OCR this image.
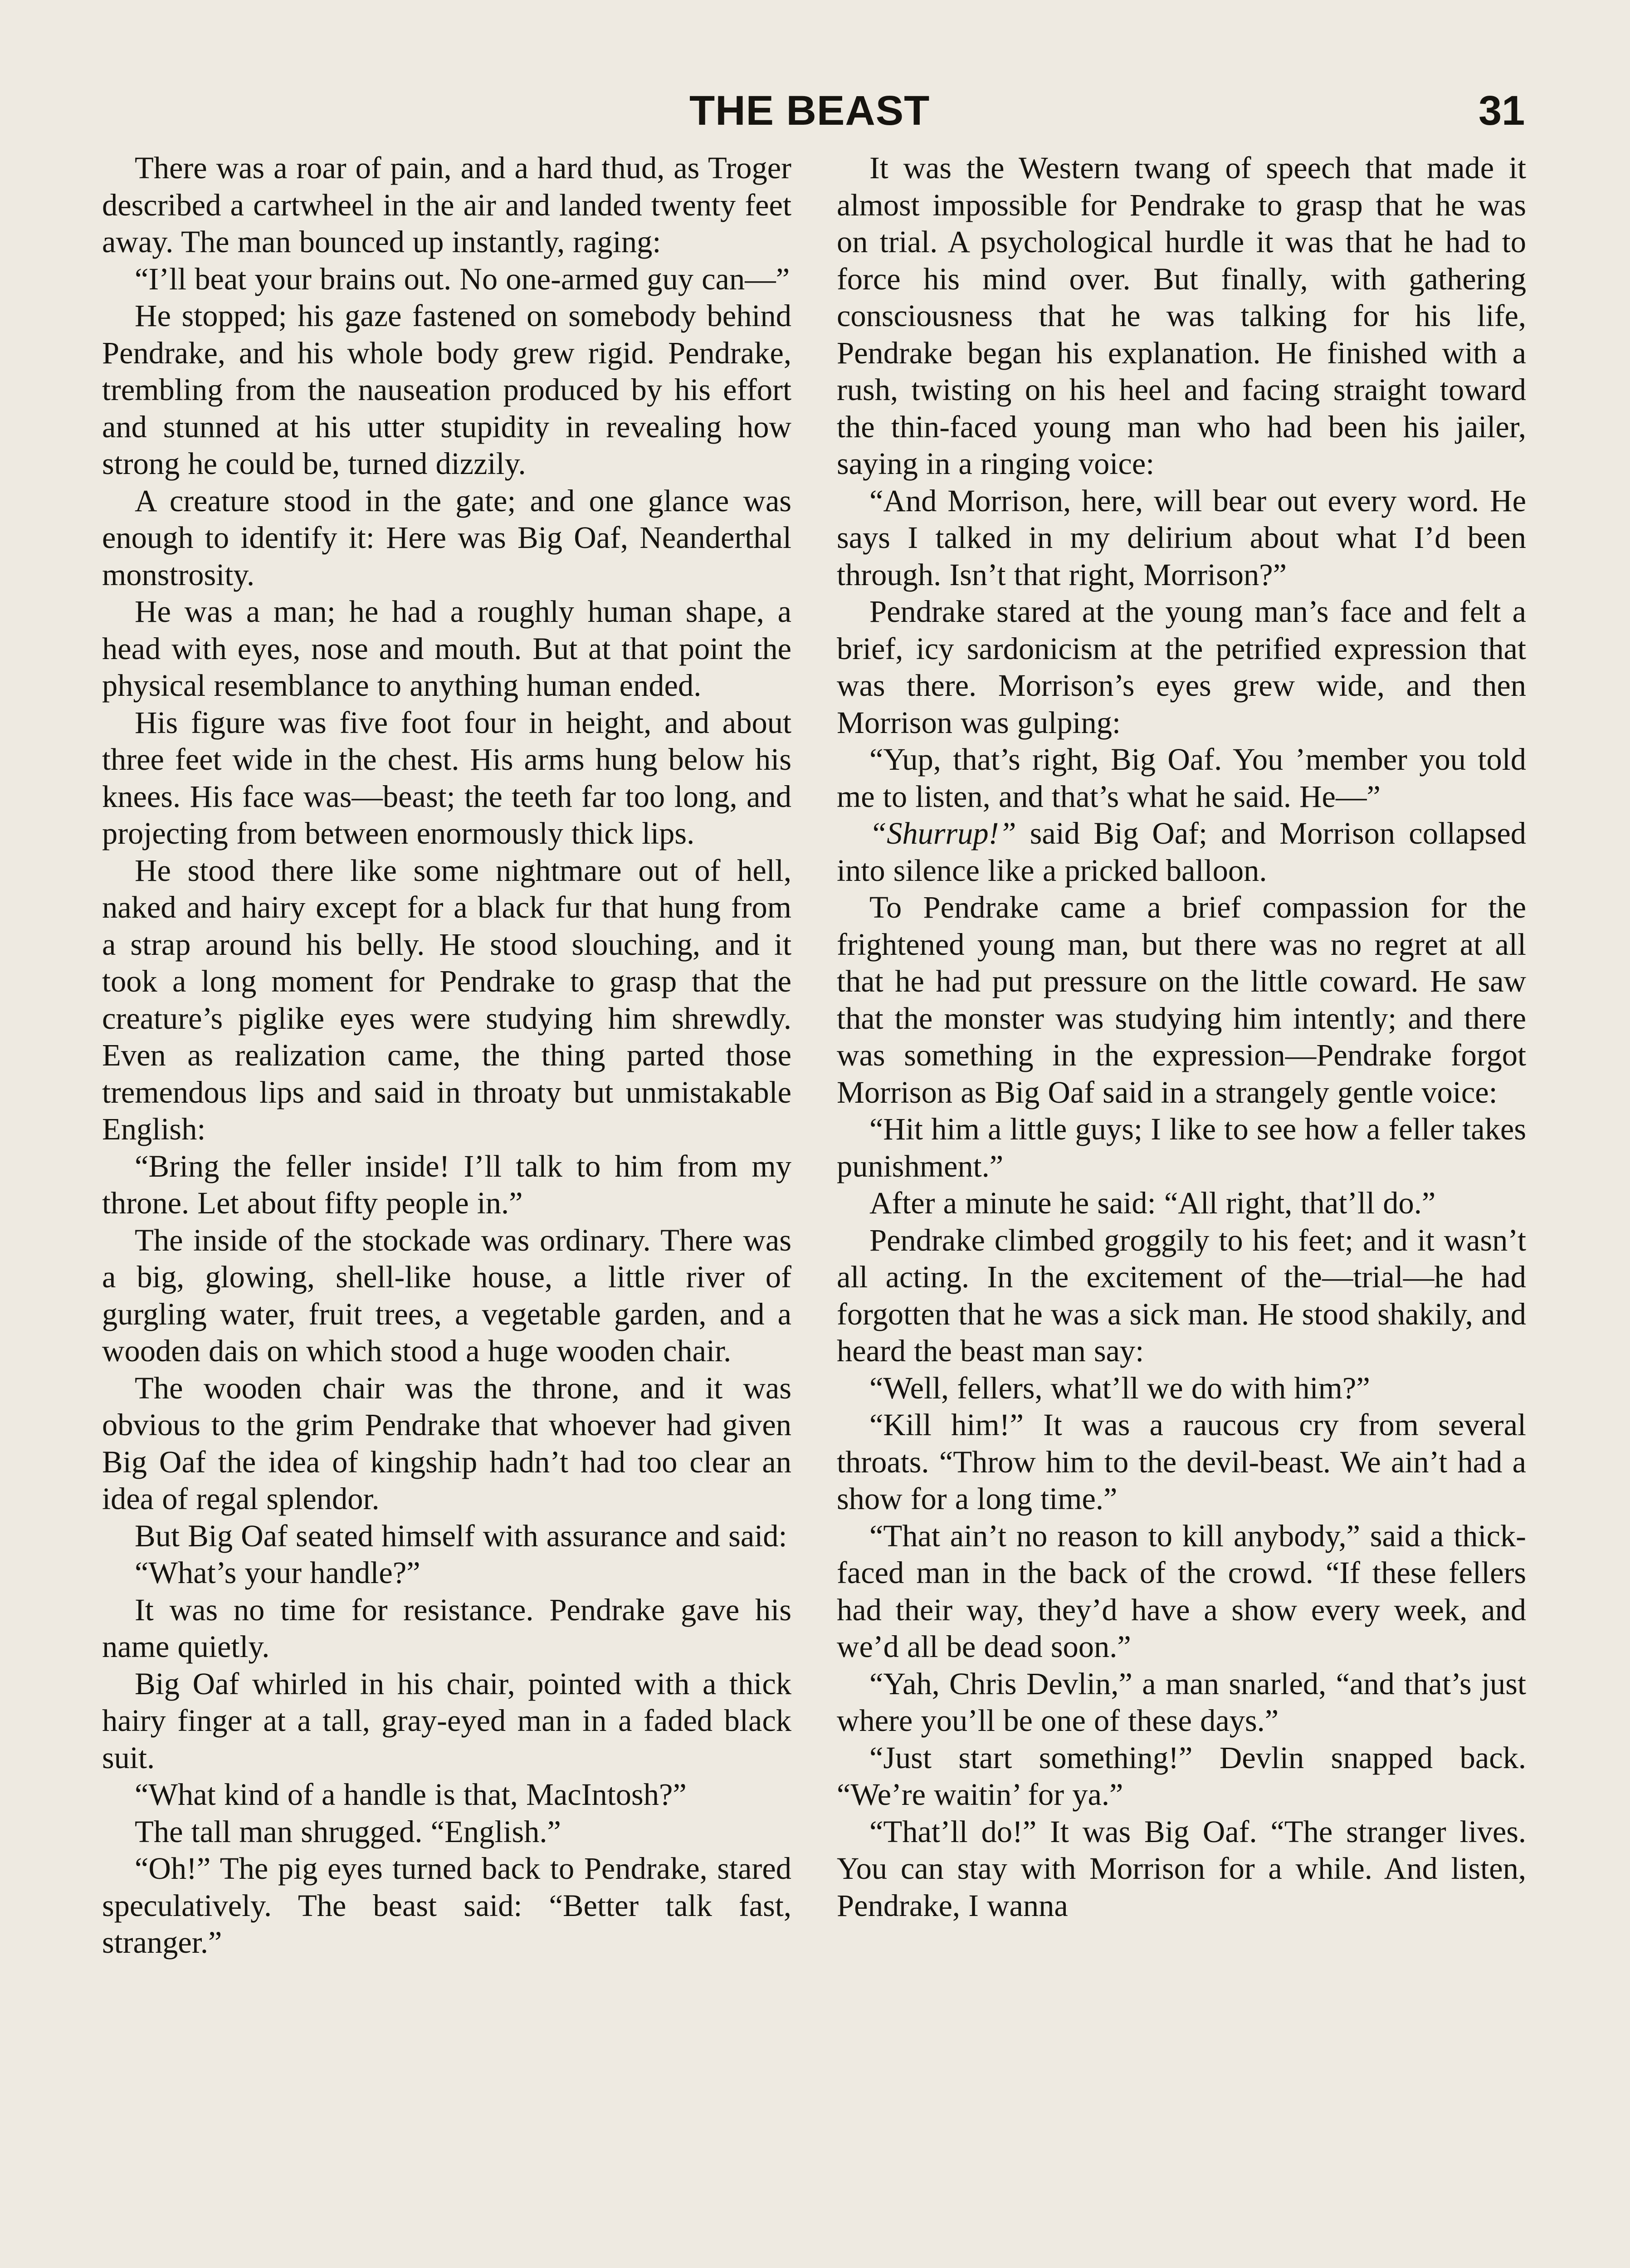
THE BEAST	31

There was a roar of pain, and a hard thud, as Troger described a cartwheel in the air and landed twenty feet away. The man bounced up instantly, raging:

“I’ll beat your brains out. No one-armed guy can—”

He stopped; his gaze fastened on somebody behind Pendrake, and his whole body grew rigid. Pendrake, trembling from the nauseation produced by his effort and stunned at his utter stupidity in revealing how strong he could be, turned dizzily.

A creature stood in the gate; and one glance was enough to identify it: Here was Big Oaf, Neanderthal monstrosity.

He was a man; he had a roughly human shape, a head with eyes, nose and mouth. But at that point the physical resemblance to anything human ended.

His figure was five foot four in height, and about three feet wide in the chest. His arms hung below his knees. His face was—beast; the teeth far too long, and projecting from between enormously thick lips.

He stood there like some nightmare out of hell, naked and hairy except for a black fur that hung from a strap around his belly. He stood slouching, and it took a long moment for Pendrake to grasp that the creature’s piglike eyes were studying him shrewdly. Even as realization came, the thing parted those tremendous lips and said in throaty but unmistakable English:

“Bring the feller inside! I’ll talk to him from my throne. Let about fifty people in.”

The inside of the stockade was ordinary. There was a big, glowing, shell-like house, a little river of gurgling water, fruit trees, a vegetable garden, and a wooden dais on which stood a huge wooden chair.

The wooden chair was the throne, and it was obvious to the grim Pendrake that whoever had given Big Oaf the idea of kingship hadn’t had too clear an idea of regal splendor.

But Big Oaf seated himself with assurance and said:

“What’s your handle?”

It was no time for resistance. Pendrake gave his name quietly.

Big Oaf whirled in his chair, pointed with a thick hairy finger at a tall, gray-eyed man in a faded black suit.

“What kind of a handle is that, MacIntosh?”

The tall man shrugged. “English.”

“Oh!” The pig eyes turned back to Pendrake, stared speculatively. The beast said: “Better talk fast, stranger.”

It was the Western twang of speech that made it almost impossible for Pendrake to grasp that he was on trial. A psychological hurdle it was that he had to force his mind over. But finally, with gathering consciousness that he was talking for his life, Pendrake began his explanation. He finished with a rush, twisting on his heel and facing straight toward the thin-faced young man who had been his jailer, saying in a ringing voice:

“And Morrison, here, will bear out every word. He says I talked in my delirium about what I’d been through. Isn’t that right, Morrison?”

Pendrake stared at the young man’s face and felt a brief, icy sardonicism at the petrified expression that was there. Morrison’s eyes grew wide, and then Morrison was gulping:

“Yup, that’s right, Big Oaf. You ’member you told me to listen, and that’s what he said. He—”

“Shurrup!” said Big Oaf; and Morrison collapsed into silence like a pricked balloon.

To Pendrake came a brief compassion for the frightened young man, but there was no regret at all that he had put pressure on the little coward. He saw that the monster was studying him intently; and there was something in the expression—Pendrake forgot Morrison as Big Oaf said in a strangely gentle voice:

“Hit him a little guys; I like to see how a feller takes punishment.”

After a minute he said: “All right, that’ll do.”

Pendrake climbed groggily to his feet; and it wasn’t all acting. In the excitement of the—trial—he had forgotten that he was a sick man. He stood shakily, and heard the beast man say:

“Well, fellers, what’ll we do with him?”

“Kill him!” It was a raucous cry from several throats. “Throw him to the devil-beast. We ain’t had a show for a long time.”

“That ain’t no reason to kill anybody,” said a thick-faced man in the back of the crowd. “If these fellers had their way, they’d have a show every week, and we’d all be dead soon.”

“Yah, Chris Devlin,” a man snarled, “and that’s just where you’ll be one of these days.”

“Just start something!” Devlin snapped back. “We’re waitin’ for ya.”

“That’ll do!” It was Big Oaf. “The stranger lives. You can stay with Morrison for a while. And listen, Pendrake, I wanna
